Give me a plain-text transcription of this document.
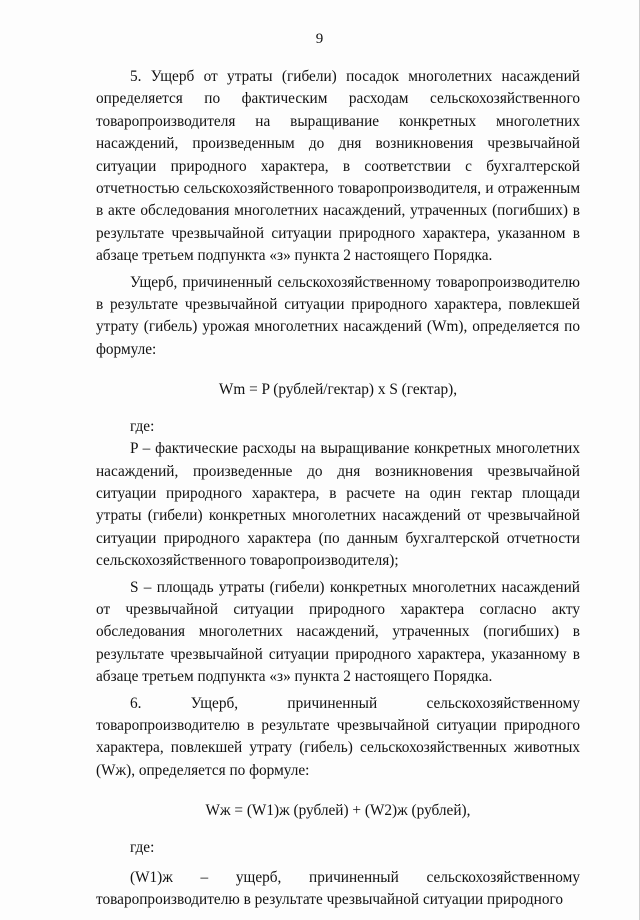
9

5. Ущерб от утраты (гибели) посадок многолетних насаждений определяется по фактическим расходам сельскохозяйственного товаропроизводителя на выращивание конкретных многолетних насаждений, произведенным до дня возникновения чрезвычайной ситуации природного характера, в соответствии с бухгалтерской отчетностью сельскохозяйственного товаропроизводителя, и отраженным в акте обследования многолетних насаждений, утраченных (погибших) в результате чрезвычайной ситуации природного характера, указанном в абзаце третьем подпункта «з» пункта 2 настоящего Порядка.

Ущерб, причиненный сельскохозяйственному товаропроизводителю в результате чрезвычайной ситуации природного характера, повлекшей утрату (гибель) урожая многолетних насаждений (Wm), определяется по формуле:

Wm = P (рублей/гектар) x S (гектар),

где:

P – фактические расходы на выращивание конкретных многолетних насаждений, произведенные до дня возникновения чрезвычайной ситуации природного характера, в расчете на один гектар площади утраты (гибели) конкретных многолетних насаждений от чрезвычайной ситуации природного характера (по данным бухгалтерской отчетности сельскохозяйственного товаропроизводителя);

S – площадь утраты (гибели) конкретных многолетних насаждений от чрезвычайной ситуации природного характера согласно акту обследования многолетних насаждений, утраченных (погибших) в результате чрезвычайной ситуации природного характера, указанному в абзаце третьем подпункта «з» пункта 2 настоящего Порядка.

6. Ущерб, причиненный сельскохозяйственному товаропроизводителю в результате чрезвычайной ситуации природного характера, повлекшей утрату (гибель) сельскохозяйственных животных (Wж), определяется по формуле:

Wж = (W1)ж (рублей) + (W2)ж (рублей),

где:

(W1)ж – ущерб, причиненный сельскохозяйственному товаропроизводителю в результате чрезвычайной ситуации природного
